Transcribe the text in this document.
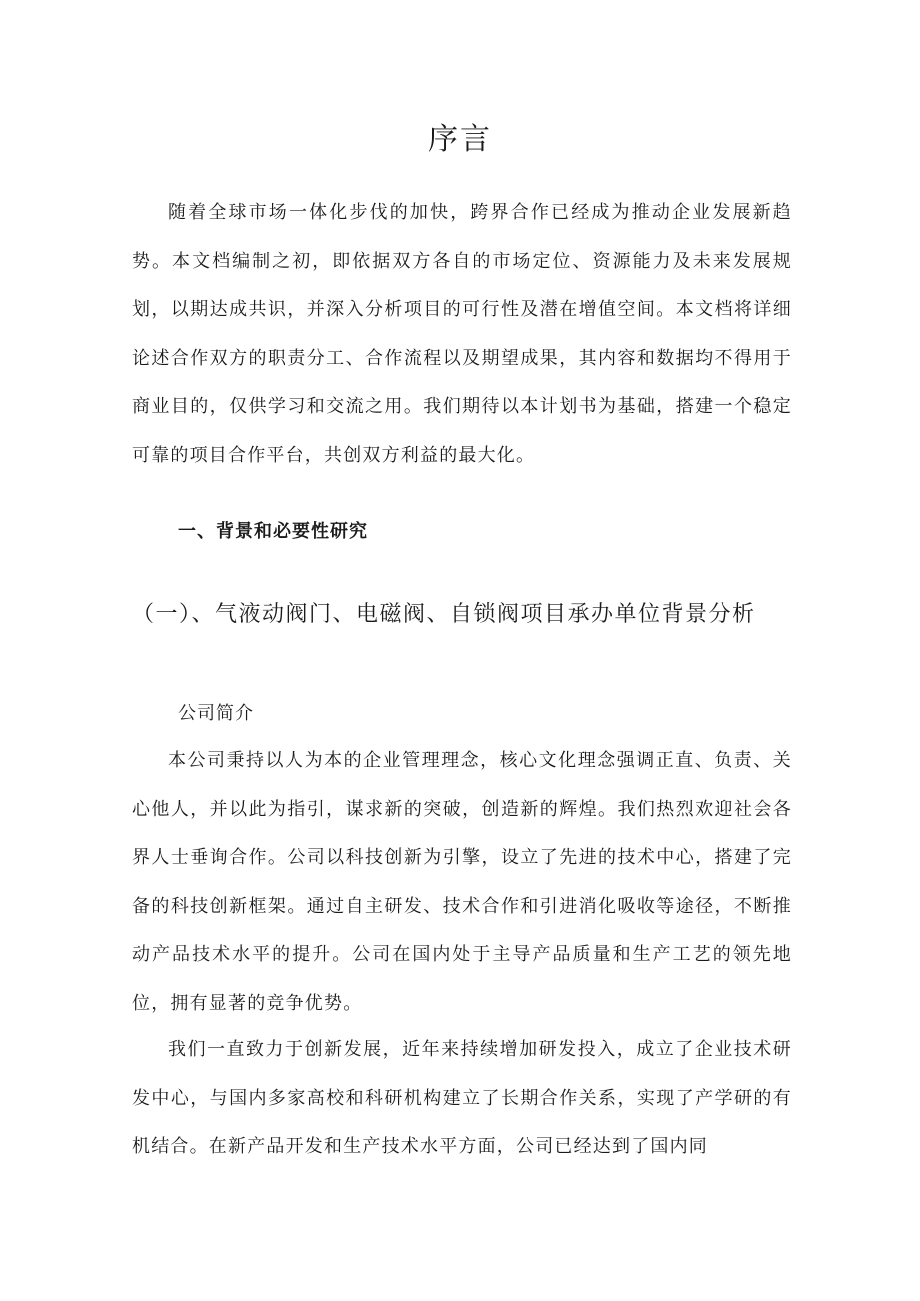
序言

随着全球市场一体化步伐的加快，跨界合作已经成为推动企业发展新趋势。本文档编制之初，即依据双方各自的市场定位、资源能力及未来发展规划，以期达成共识，并深入分析项目的可行性及潜在增值空间。本文档将详细论述合作双方的职责分工、合作流程以及期望成果，其内容和数据均不得用于商业目的，仅供学习和交流之用。我们期待以本计划书为基础，搭建一个稳定可靠的项目合作平台，共创双方利益的最大化。

一、背景和必要性研究

（一）、气液动阀门、电磁阀、自锁阀项目承办单位背景分析

公司简介

本公司秉持以人为本的企业管理理念，核心文化理念强调正直、负责、关心他人，并以此为指引，谋求新的突破，创造新的辉煌。我们热烈欢迎社会各界人士垂询合作。公司以科技创新为引擎，设立了先进的技术中心，搭建了完备的科技创新框架。通过自主研发、技术合作和引进消化吸收等途径，不断推动产品技术水平的提升。公司在国内处于主导产品质量和生产工艺的领先地位，拥有显著的竞争优势。

我们一直致力于创新发展，近年来持续增加研发投入，成立了企业技术研发中心，与国内多家高校和科研机构建立了长期合作关系，实现了产学研的有机结合。在新产品开发和生产技术水平方面，公司已经达到了国内同
